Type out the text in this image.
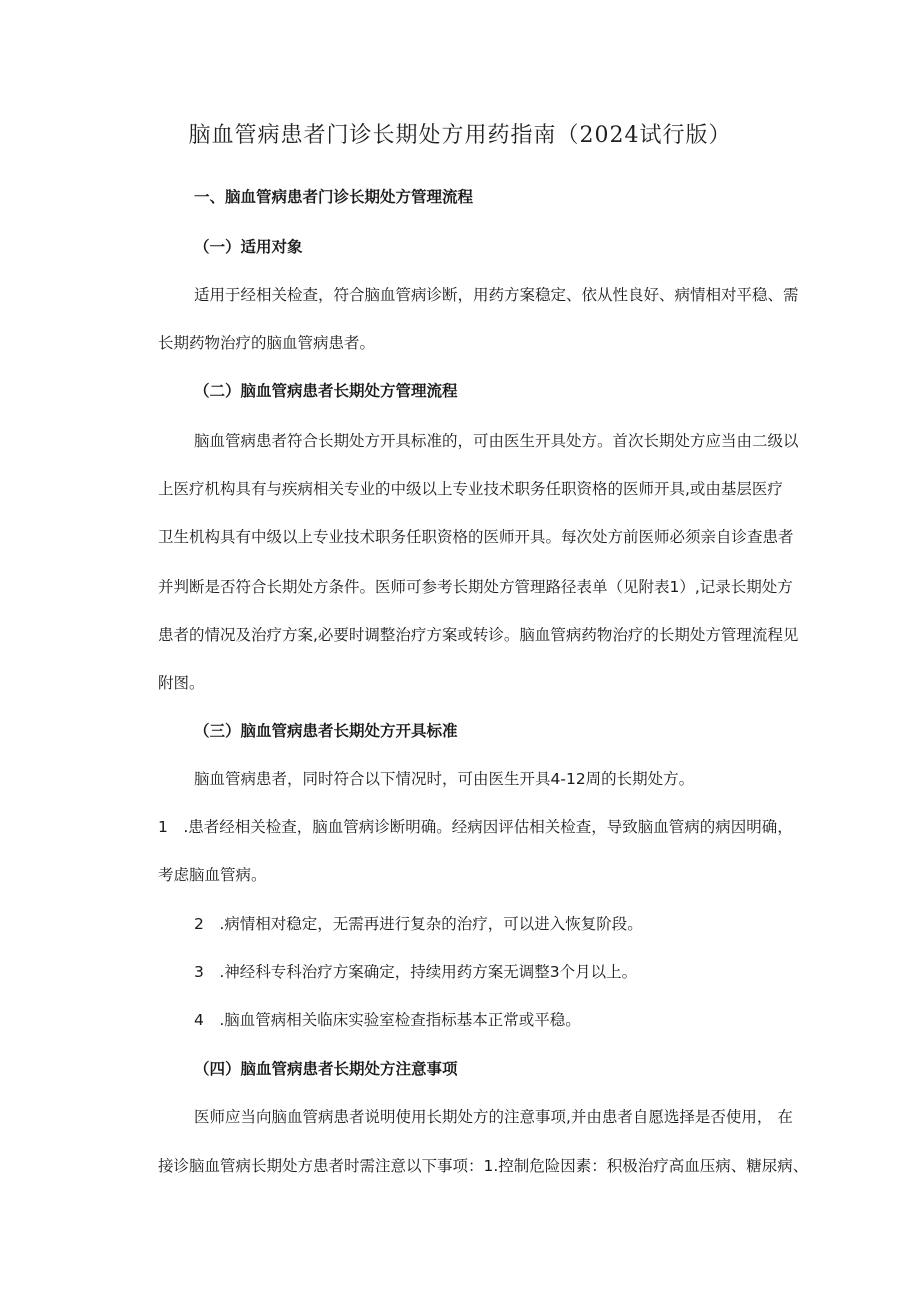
脑血管病患者门诊长期处方用药指南（2024试行版）
一、脑血管病患者门诊长期处方管理流程
（一）适用对象
适用于经相关检查，符合脑血管病诊断，用药方案稳定、依从性良好、病情相对平稳、需
长期药物治疗的脑血管病患者。
（二）脑血管病患者长期处方管理流程
脑血管病患者符合长期处方开具标准的，可由医生开具处方。首次长期处方应当由二级以
上医疗机构具有与疾病相关专业的中级以上专业技术职务任职资格的医师开具,或由基层医疗
卫生机构具有中级以上专业技术职务任职资格的医师开具。每次处方前医师必须亲自诊查患者
并判断是否符合长期处方条件。医师可参考长期处方管理路径表单（见附表1）,记录长期处方
患者的情况及治疗方案,必要时调整治疗方案或转诊。脑血管病药物治疗的长期处方管理流程见
附图。
（三）脑血管病患者长期处方开具标准
脑血管病患者，同时符合以下情况时，可由医生开具4-12周的长期处方。
1　.患者经相关检查，脑血管病诊断明确。经病因评估相关检查，导致脑血管病的病因明确，
考虑脑血管病。
2　.病情相对稳定，无需再进行复杂的治疗，可以进入恢复阶段。
3　.神经科专科治疗方案确定，持续用药方案无调整3个月以上。
4　.脑血管病相关临床实验室检查指标基本正常或平稳。
（四）脑血管病患者长期处方注意事项
医师应当向脑血管病患者说明使用长期处方的注意事项,并由患者自愿选择是否使用， 在
接诊脑血管病长期处方患者时需注意以下事项：1.控制危险因素：积极治疗高血压病、糖尿病、
